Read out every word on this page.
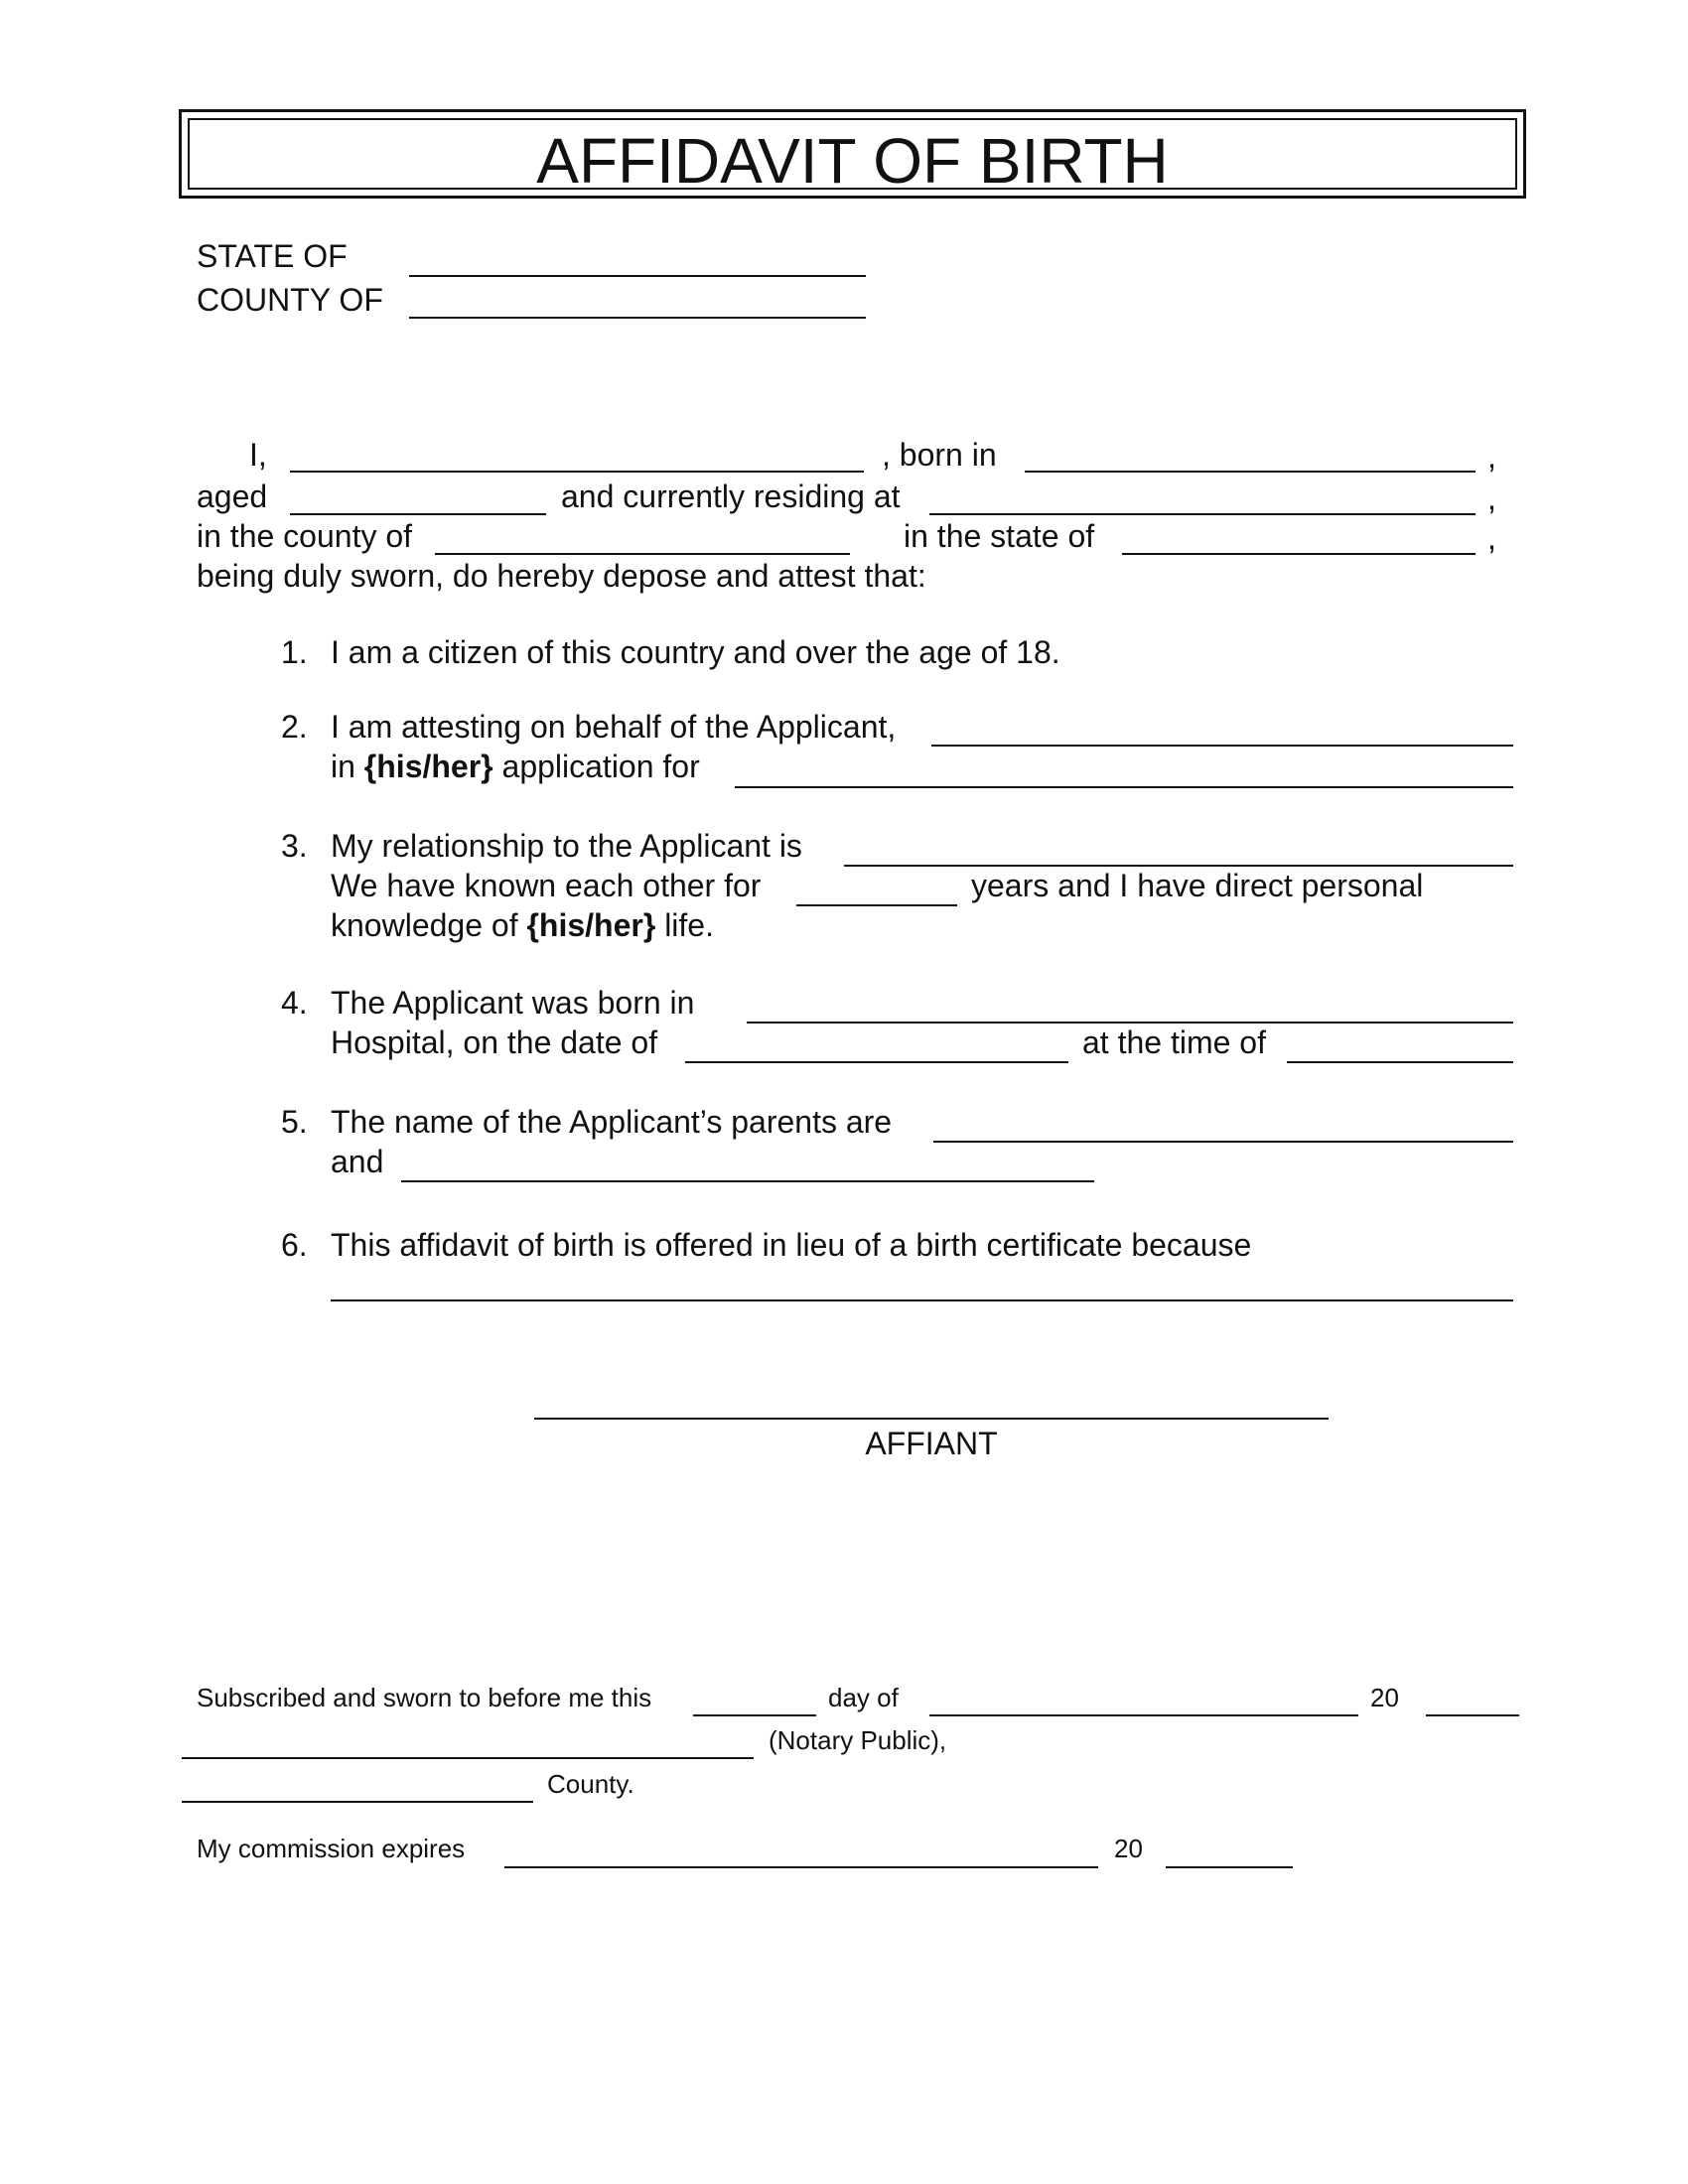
AFFIDAVIT OF BIRTH
STATE OF
COUNTY OF
I,	, born in	,
aged	and currently residing at	,
in the county of	in the state of	,
being duly sworn, do hereby depose and attest that:
1. I am a citizen of this country and over the age of 18.
2. I am attesting on behalf of the Applicant,
in {his/her} application for
3. My relationship to the Applicant is
We have known each other for	years and I have direct personal
knowledge of {his/her} life.
4. The Applicant was born in
Hospital, on the date of	at the time of
5. The name of the Applicant’s parents are
and
6. This affidavit of birth is offered in lieu of a birth certificate because
AFFIANT
Subscribed and sworn to before me this	day of	20
(Notary Public),
County.
My commission expires	20
